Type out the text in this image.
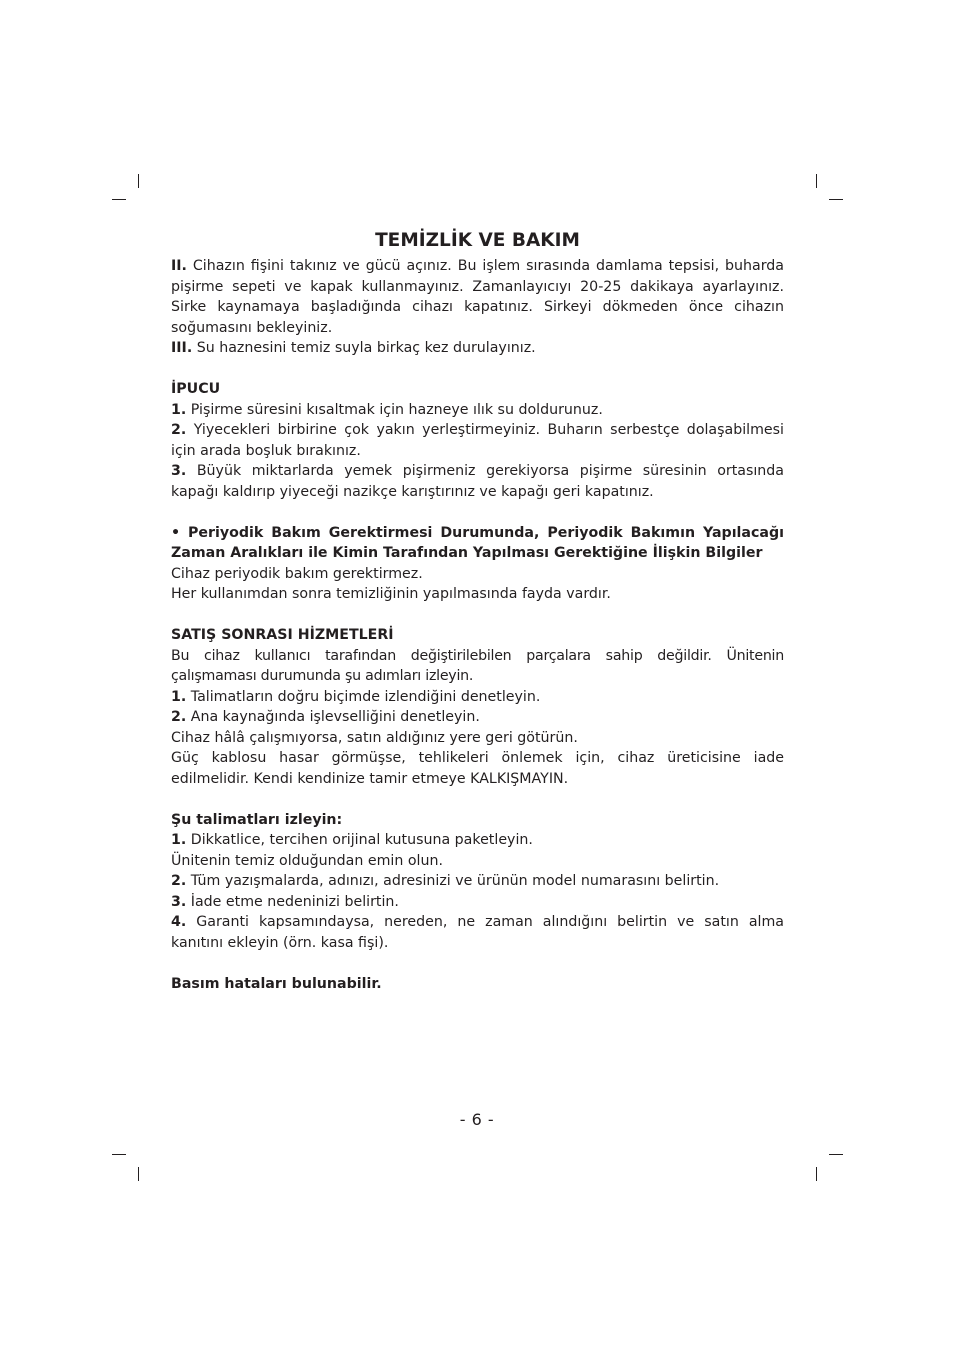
TEMİZLİK VE BAKIM

II. Cihazın fişini takınız ve gücü açınız. Bu işlem sırasında damlama tepsisi, buharda pişirme sepeti ve kapak kullanmayınız. Zamanlayıcıyı 20-25 dakikaya ayarlayınız. Sirke kaynamaya başladığında cihazı kapatınız. Sirkeyi dökmeden önce cihazın soğumasını bekleyiniz.

III. Su haznesini temiz suyla birkaç kez durulayınız.

İPUCU

1. Pişirme süresini kısaltmak için hazneye ılık su doldurunuz.

2. Yiyecekleri birbirine çok yakın yerleştirmeyiniz. Buharın serbestçe dolaşabilmesi için arada boşluk bırakınız.

3. Büyük miktarlarda yemek pişirmeniz gerekiyorsa pişirme süresinin ortasında kapağı kaldırıp yiyeceği nazikçe karıştırınız ve kapağı geri kapatınız.

• Periyodik Bakım Gerektirmesi Durumunda, Periyodik Bakımın Yapılacağı Zaman Aralıkları ile Kimin Tarafından Yapılması Gerektiğine İlişkin Bilgiler

Cihaz periyodik bakım gerektirmez.

Her kullanımdan sonra temizliğinin yapılmasında fayda vardır.

SATIŞ SONRASI HİZMETLERİ

Bu cihaz kullanıcı tarafından değiştirilebilen parçalara sahip değildir. Ünitenin çalışmaması durumunda şu adımları izleyin.

1. Talimatların doğru biçimde izlendiğini denetleyin.

2. Ana kaynağında işlevselliğini denetleyin.

Cihaz hâlâ çalışmıyorsa, satın aldığınız yere geri götürün.

Güç kablosu hasar görmüşse, tehlikeleri önlemek için, cihaz üreticisine iade edilmelidir. Kendi kendinize tamir etmeye KALKIŞMAYIN.

Şu talimatları izleyin:

1. Dikkatlice, tercihen orijinal kutusuna paketleyin.

Ünitenin temiz olduğundan emin olun.

2. Tüm yazışmalarda, adınızı, adresinizi ve ürünün model numarasını belirtin.

3. İade etme nedeninizi belirtin.

4. Garanti kapsamındaysa, nereden, ne zaman alındığını belirtin ve satın alma kanıtını ekleyin (örn. kasa fişi).

Basım hataları bulunabilir.

- 6 -
